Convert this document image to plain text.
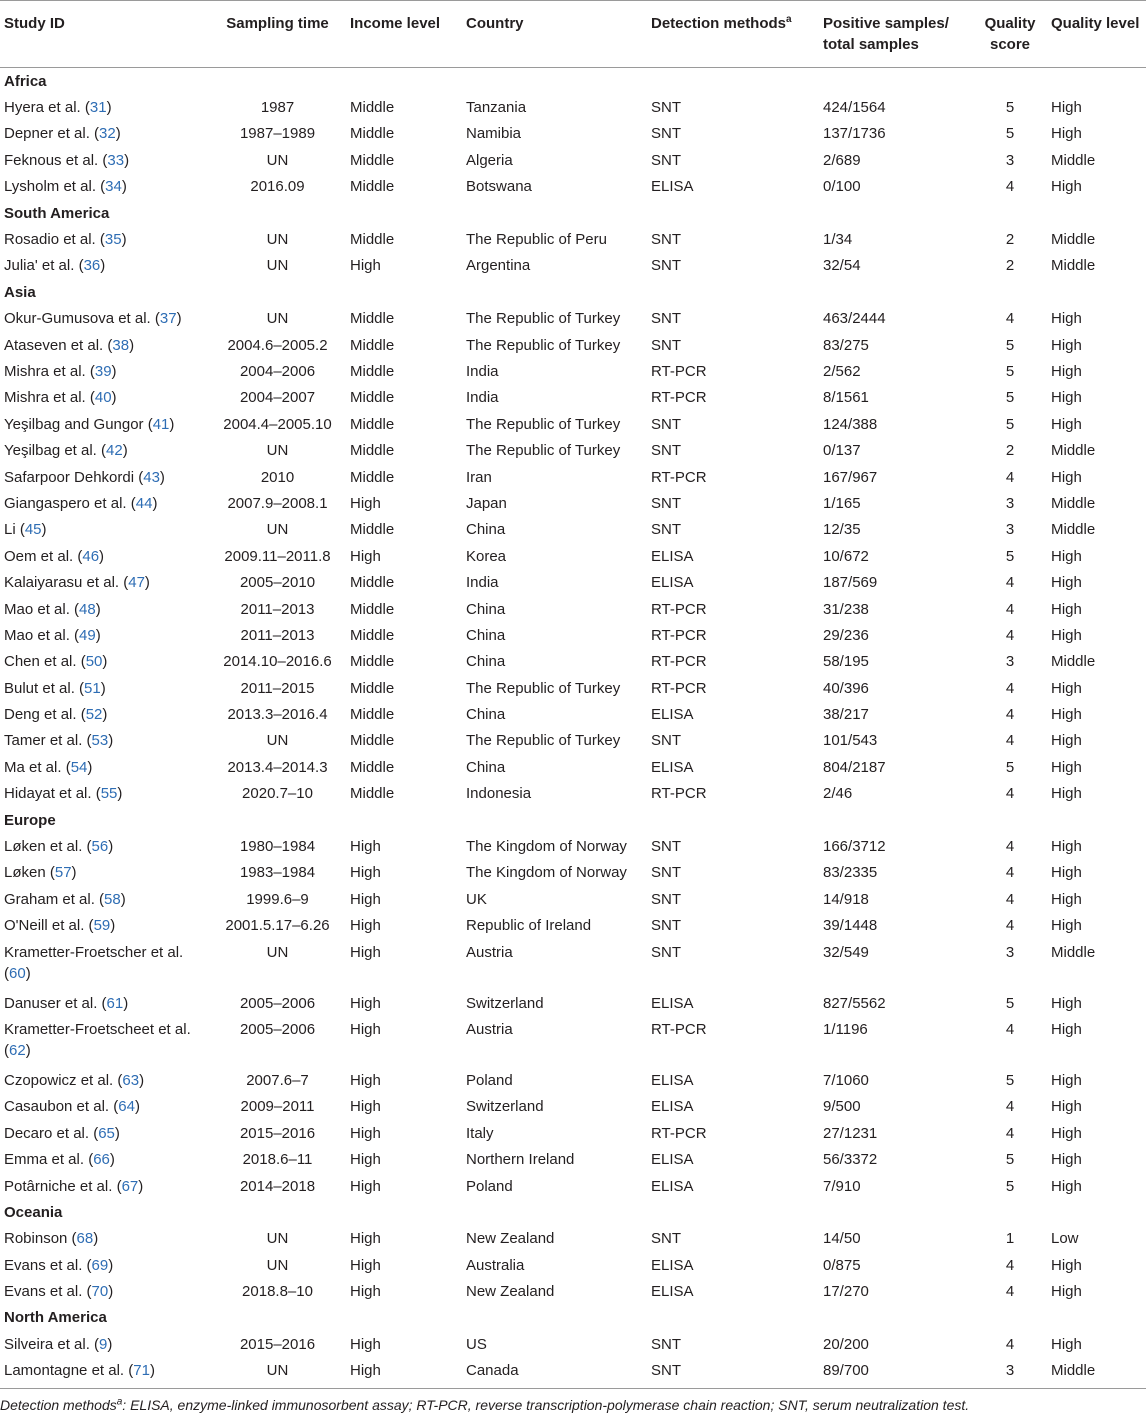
Study ID	Sampling time	Income level	Country	Detection methods$^a$	Positive samples/ total samples	Quality score	Quality level
Africa							
Hyera et al. (31)	1987	Middle	Tanzania	SNT	424/1564	5	High
Depner et al. (32)	1987–1989	Middle	Namibia	SNT	137/1736	5	High
Feknous et al. (33)	UN	Middle	Algeria	SNT	2/689	3	Middle
Lysholm et al. (34)	2016.09	Middle	Botswana	ELISA	0/100	4	High
South America							
Rosadio et al. (35)	UN	Middle	The Republic of Peru	SNT	1/34	2	Middle
Julia' et al. (36)	UN	High	Argentina	SNT	32/54	2	Middle
Asia							
Okur-Gumusova et al. (37)	UN	Middle	The Republic of Turkey	SNT	463/2444	4	High
Ataseven et al. (38)	2004.6–2005.2	Middle	The Republic of Turkey	SNT	83/275	5	High
Mishra et al. (39)	2004–2006	Middle	India	RT-PCR	2/562	5	High
Mishra et al. (40)	2004–2007	Middle	India	RT-PCR	8/1561	5	High
Yeşilbag and Gungor (41)	2004.4–2005.10	Middle	The Republic of Turkey	SNT	124/388	5	High
Yeşilbag et al. (42)	UN	Middle	The Republic of Turkey	SNT	0/137	2	Middle
Safarpoor Dehkordi (43)	2010	Middle	Iran	RT-PCR	167/967	4	High
Giangaspero et al. (44)	2007.9–2008.1	High	Japan	SNT	1/165	3	Middle
Li (45)	UN	Middle	China	SNT	12/35	3	Middle
Oem et al. (46)	2009.11–2011.8	High	Korea	ELISA	10/672	5	High
Kalaiyarasu et al. (47)	2005–2010	Middle	India	ELISA	187/569	4	High
Mao et al. (48)	2011–2013	Middle	China	RT-PCR	31/238	4	High
Mao et al. (49)	2011–2013	Middle	China	RT-PCR	29/236	4	High
Chen et al. (50)	2014.10–2016.6	Middle	China	RT-PCR	58/195	3	Middle
Bulut et al. (51)	2011–2015	Middle	The Republic of Turkey	RT-PCR	40/396	4	High
Deng et al. (52)	2013.3–2016.4	Middle	China	ELISA	38/217	4	High
Tamer et al. (53)	UN	Middle	The Republic of Turkey	SNT	101/543	4	High
Ma et al. (54)	2013.4–2014.3	Middle	China	ELISA	804/2187	5	High
Hidayat et al. (55)	2020.7–10	Middle	Indonesia	RT-PCR	2/46	4	High
Europe							
Løken et al. (56)	1980–1984	High	The Kingdom of Norway	SNT	166/3712	4	High
Løken (57)	1983–1984	High	The Kingdom of Norway	SNT	83/2335	4	High
Graham et al. (58)	1999.6–9	High	UK	SNT	14/918	4	High
O'Neill et al. (59)	2001.5.17–6.26	High	Republic of Ireland	SNT	39/1448	4	High
Krametter-Froetscher et al. (60)	UN	High	Austria	SNT	32/549	3	Middle
Danuser et al. (61)	2005–2006	High	Switzerland	ELISA	827/5562	5	High
Krametter-Froetscheet et al. (62)	2005–2006	High	Austria	RT-PCR	1/1196	4	High
Czopowicz et al. (63)	2007.6–7	High	Poland	ELISA	7/1060	5	High
Casaubon et al. (64)	2009–2011	High	Switzerland	ELISA	9/500	4	High
Decaro et al. (65)	2015–2016	High	Italy	RT-PCR	27/1231	4	High
Emma et al. (66)	2018.6–11	High	Northern Ireland	ELISA	56/3372	5	High
Potârniche et al. (67)	2014–2018	High	Poland	ELISA	7/910	5	High
Oceania							
Robinson (68)	UN	High	New Zealand	SNT	14/50	1	Low
Evans et al. (69)	UN	High	Australia	ELISA	0/875	4	High
Evans et al. (70)	2018.8–10	High	New Zealand	ELISA	17/270	4	High
North America							
Silveira et al. (9)	2015–2016	High	US	SNT	20/200	4	High
Lamontagne et al. (71)	UN	High	Canada	SNT	89/700	3	Middle
Detection methods$^a$: ELISA, enzyme-linked immunosorbent assay; RT-PCR, reverse transcription-polymerase chain reaction; SNT, serum neutralization test.
